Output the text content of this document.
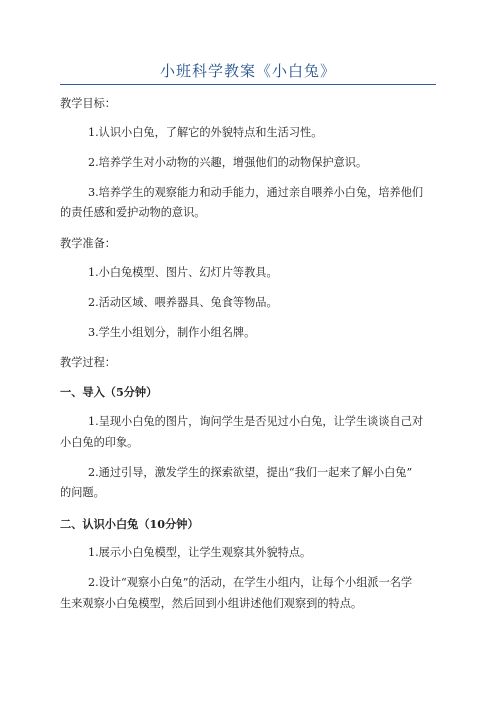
小班科学教案《小白兔》
教学目标：
1.认识小白兔，了解它的外貌特点和生活习性。
2.培养学生对小动物的兴趣，增强他们的动物保护意识。
3.培养学生的观察能力和动手能力，通过亲自喂养小白兔，培养他们
的责任感和爱护动物的意识。
教学准备：
1.小白兔模型、图片、幻灯片等教具。
2.活动区域、喂养器具、兔食等物品。
3.学生小组划分，制作小组名牌。
教学过程：
一、导入（5分钟）
1.呈现小白兔的图片，询问学生是否见过小白兔，让学生谈谈自己对
小白兔的印象。
2.通过引导，激发学生的探索欲望，提出“我们一起来了解小白兔”
的问题。
二、认识小白兔（10分钟）
1.展示小白兔模型，让学生观察其外貌特点。
2.设计“观察小白兔”的活动，在学生小组内，让每个小组派一名学
生来观察小白兔模型，然后回到小组讲述他们观察到的特点。
